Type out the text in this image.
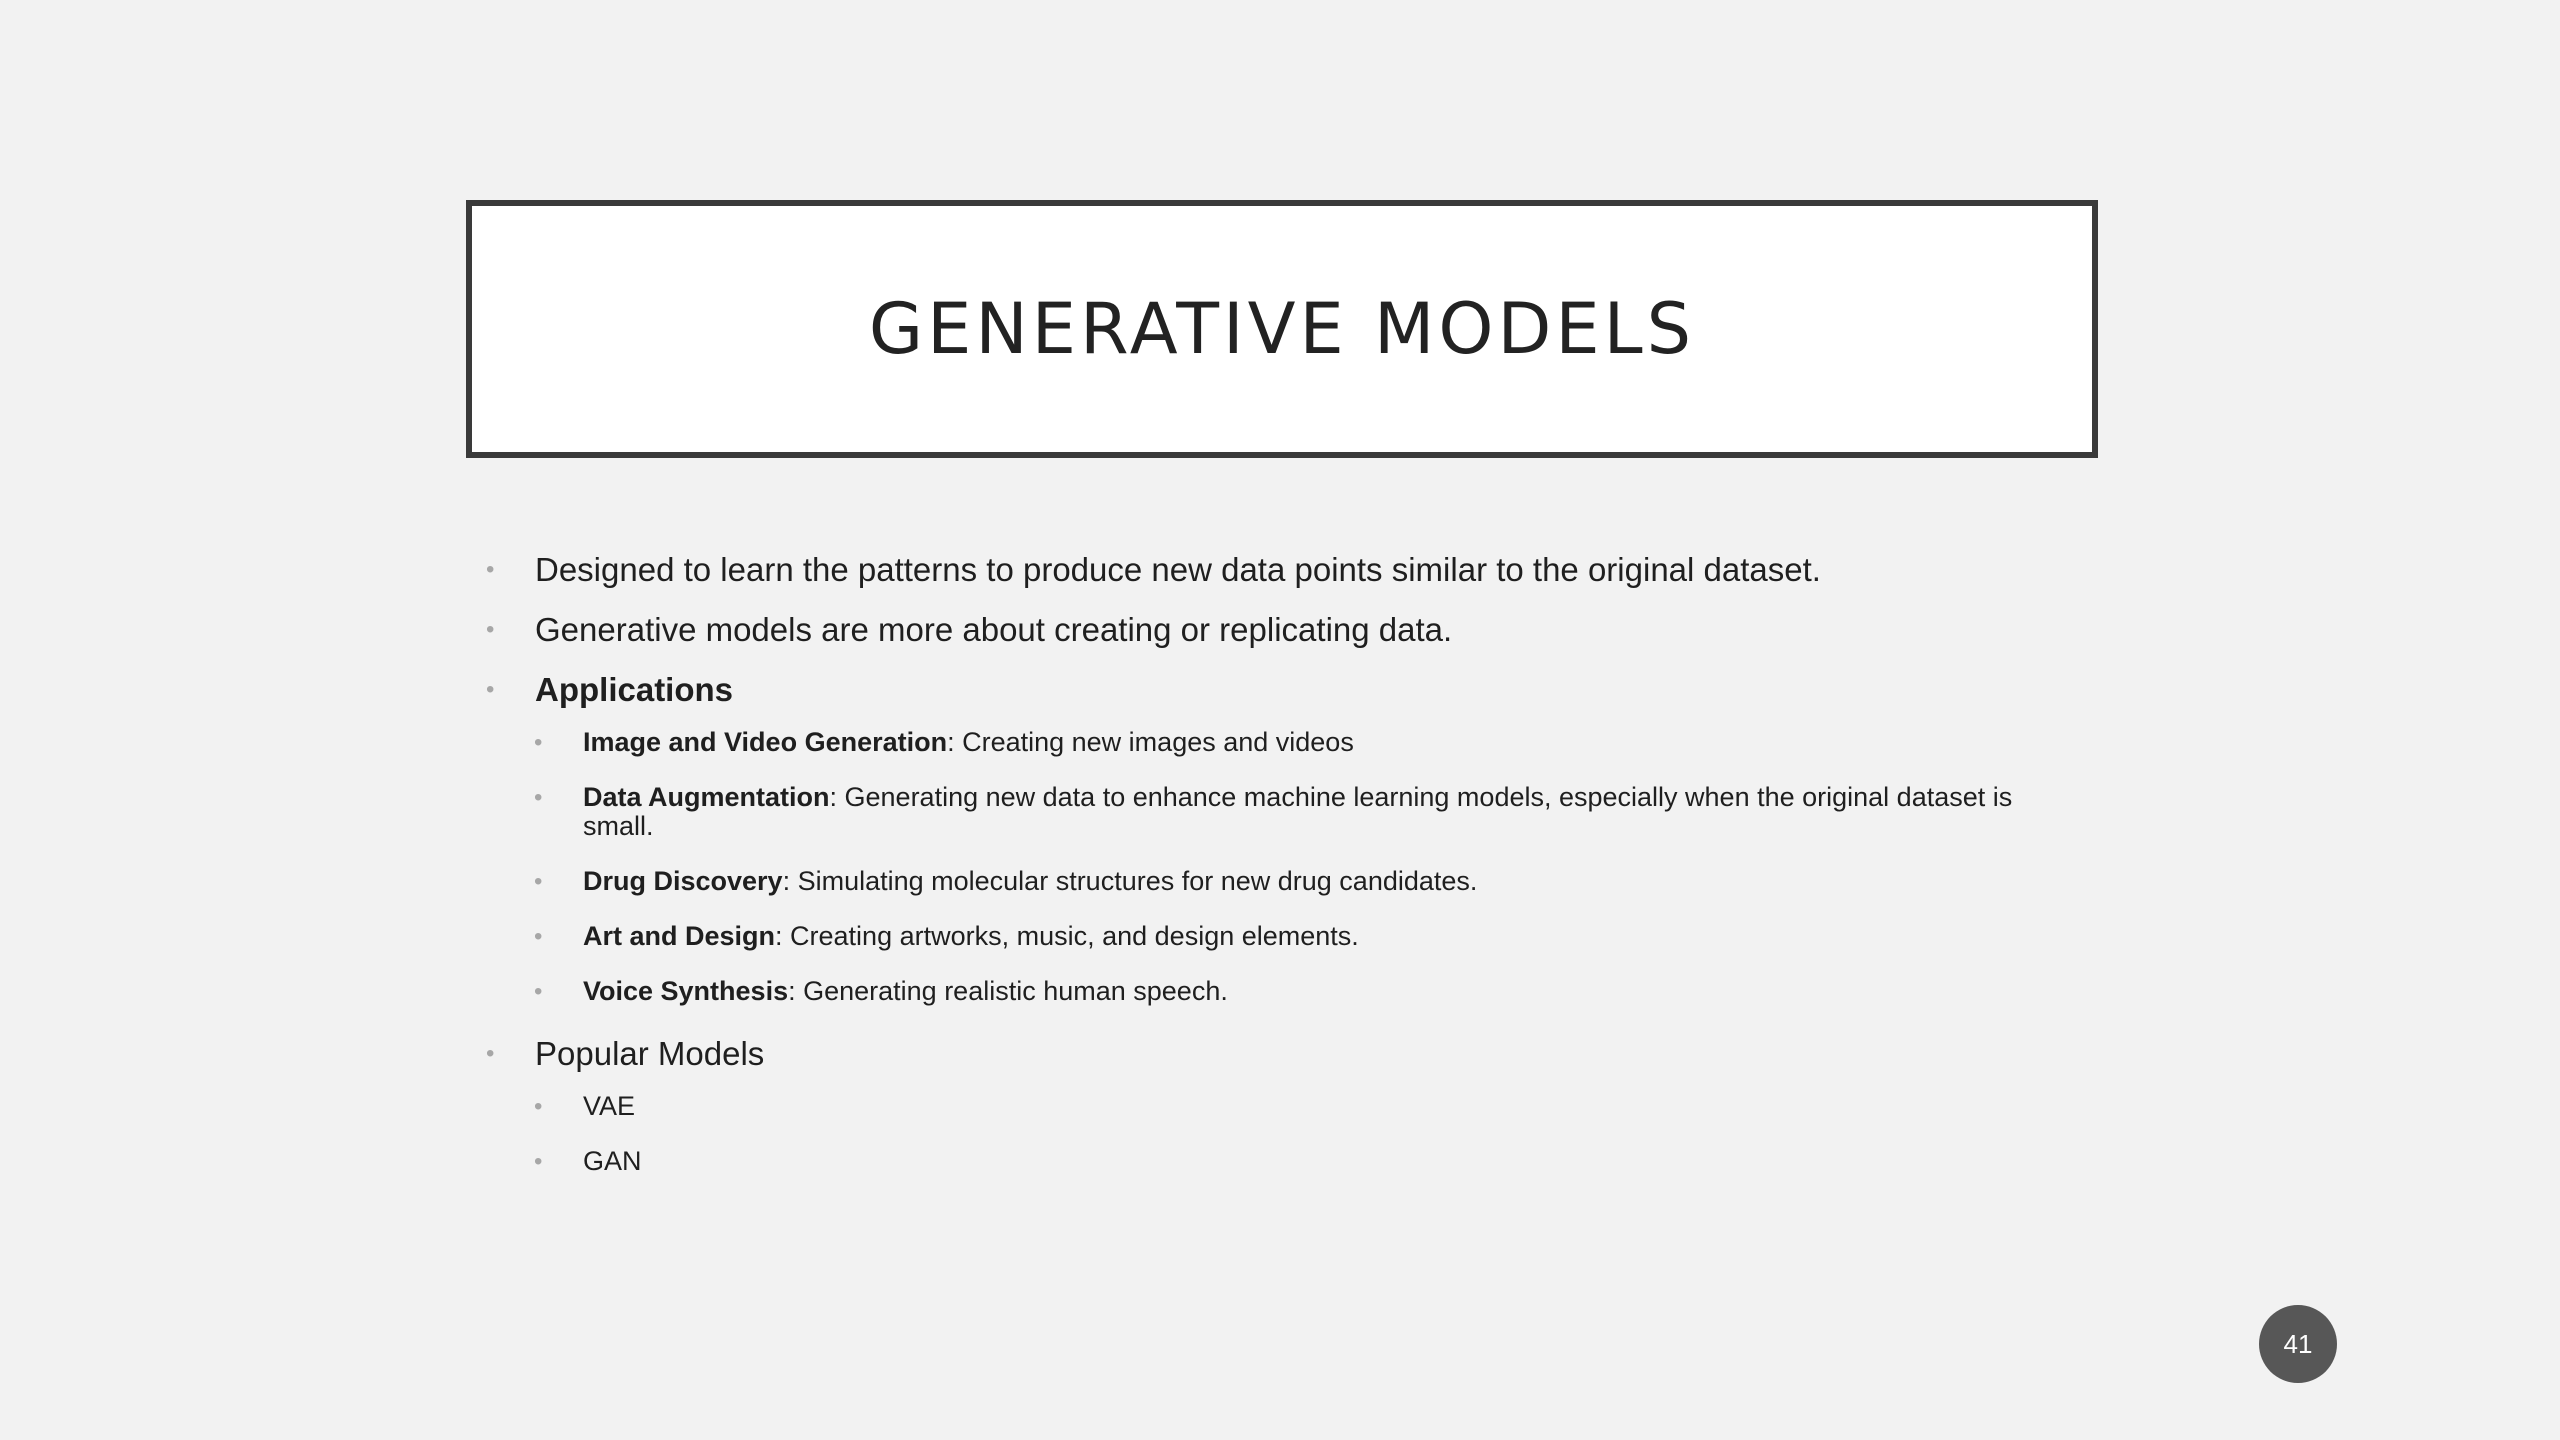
GENERATIVE MODELS
• Designed to learn the patterns to produce new data points similar to the original dataset.
• Generative models are more about creating or replicating data.
• Applications
• Image and Video Generation: Creating new images and videos
• Data Augmentation: Generating new data to enhance machine learning models, especially when the original dataset is small.
• Drug Discovery: Simulating molecular structures for new drug candidates.
• Art and Design: Creating artworks, music, and design elements.
• Voice Synthesis: Generating realistic human speech.
• Popular Models
• VAE
• GAN
41
